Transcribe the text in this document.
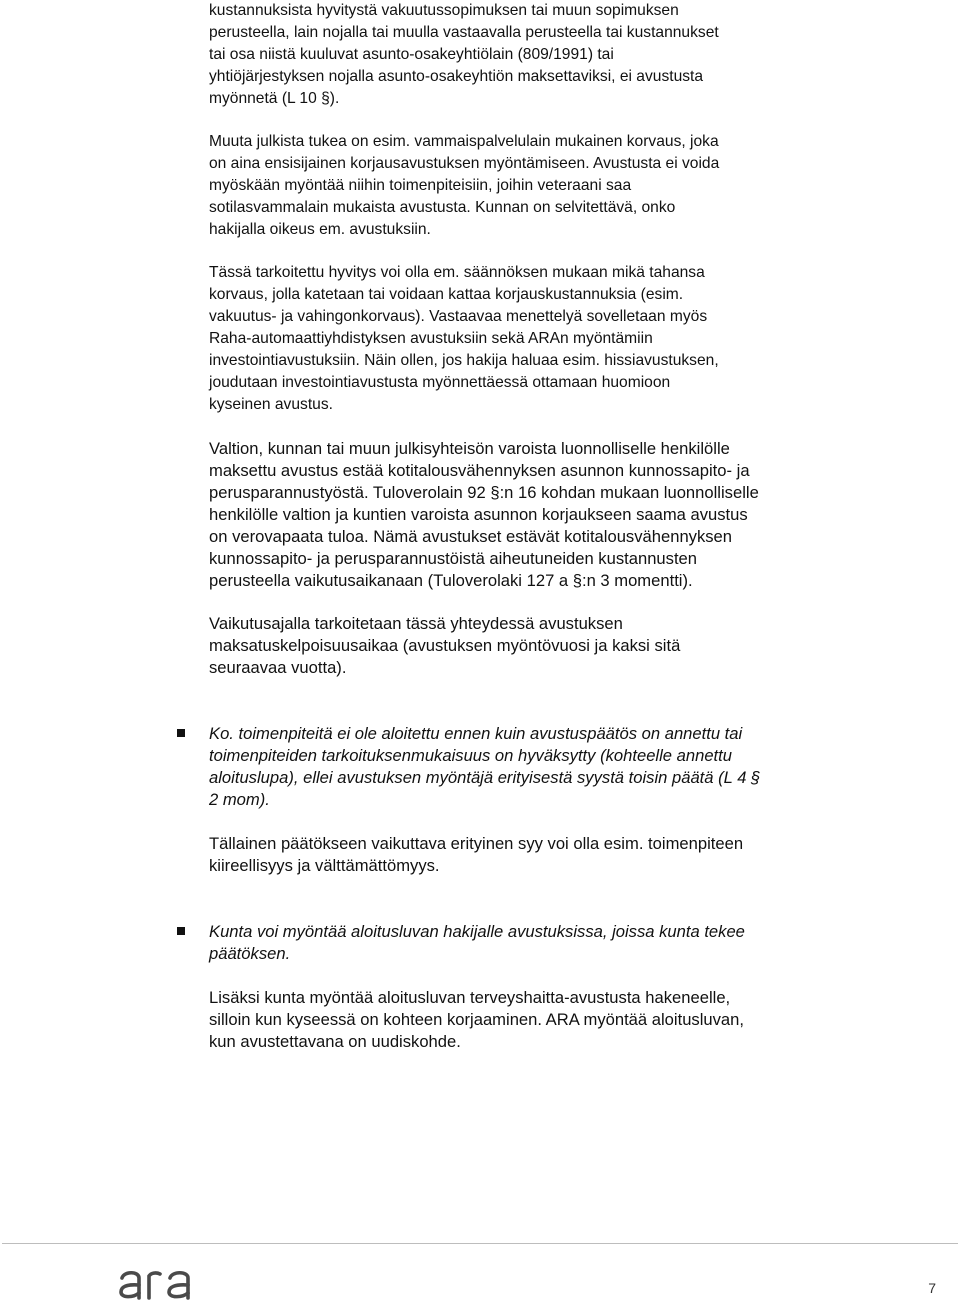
kustannuksista hyvitystä vakuutussopimuksen tai muun sopimuksen
perusteella, lain nojalla tai muulla vastaavalla perusteella tai kustannukset
tai osa niistä kuuluvat asunto-osakeyhtiölain (809/1991) tai
yhtiöjärjestyksen nojalla asunto-osakeyhtiön maksettaviksi, ei avustusta
myönnetä (L 10 §).
Muuta julkista tukea on esim. vammaispalvelulain mukainen korvaus, joka
on aina ensisijainen korjausavustuksen myöntämiseen. Avustusta ei voida
myöskään myöntää niihin toimenpiteisiin, joihin veteraani saa
sotilasvammalain mukaista avustusta. Kunnan on selvitettävä, onko
hakijalla oikeus em. avustuksiin.
Tässä tarkoitettu hyvitys voi olla em. säännöksen mukaan mikä tahansa
korvaus, jolla katetaan tai voidaan kattaa korjauskustannuksia (esim.
vakuutus- ja vahingonkorvaus). Vastaavaa menettelyä sovelletaan myös
Raha-automaattiyhdistyksen avustuksiin sekä ARAn myöntämiin
investointiavustuksiin. Näin ollen, jos hakija haluaa esim. hissiavustuksen,
joudutaan investointiavustusta myönnettäessä ottamaan huomioon
kyseinen avustus.
Valtion, kunnan tai muun julkisyhteisön varoista luonnolliselle henkilölle
maksettu avustus estää kotitalousvähennyksen asunnon kunnossapito- ja
perusparannustyöstä. Tuloverolain 92 §:n 16 kohdan mukaan luonnolliselle
henkilölle valtion ja kuntien varoista asunnon korjaukseen saama avustus
on verovapaata tuloa. Nämä avustukset estävät kotitalousvähennyksen
kunnossapito- ja perusparannustöistä aiheutuneiden kustannusten
perusteella vaikutusaikanaan (Tuloverolaki 127 a §:n 3 momentti).
Vaikutusajalla tarkoitetaan tässä yhteydessä avustuksen
maksatuskelpoisuusaikaa (avustuksen myöntövuosi ja kaksi sitä
seuraavaa vuotta).
Ko. toimenpiteitä ei ole aloitettu ennen kuin avustuspäätös on annettu tai
toimenpiteiden tarkoituksenmukaisuus on hyväksytty (kohteelle annettu
aloituslupa), ellei avustuksen myöntäjä erityisestä syystä toisin päätä (L 4 §
2 mom).
Tällainen päätökseen vaikuttava erityinen syy voi olla esim. toimenpiteen
kiireellisyys ja välttämättömyys.
Kunta voi myöntää aloitusluvan hakijalle avustuksissa, joissa kunta tekee
päätöksen.
Lisäksi kunta myöntää aloitusluvan terveyshaitta-avustusta hakeneelle,
silloin kun kyseessä on kohteen korjaaminen. ARA myöntää aloitusluvan,
kun avustettavana on uudiskohde.
7
